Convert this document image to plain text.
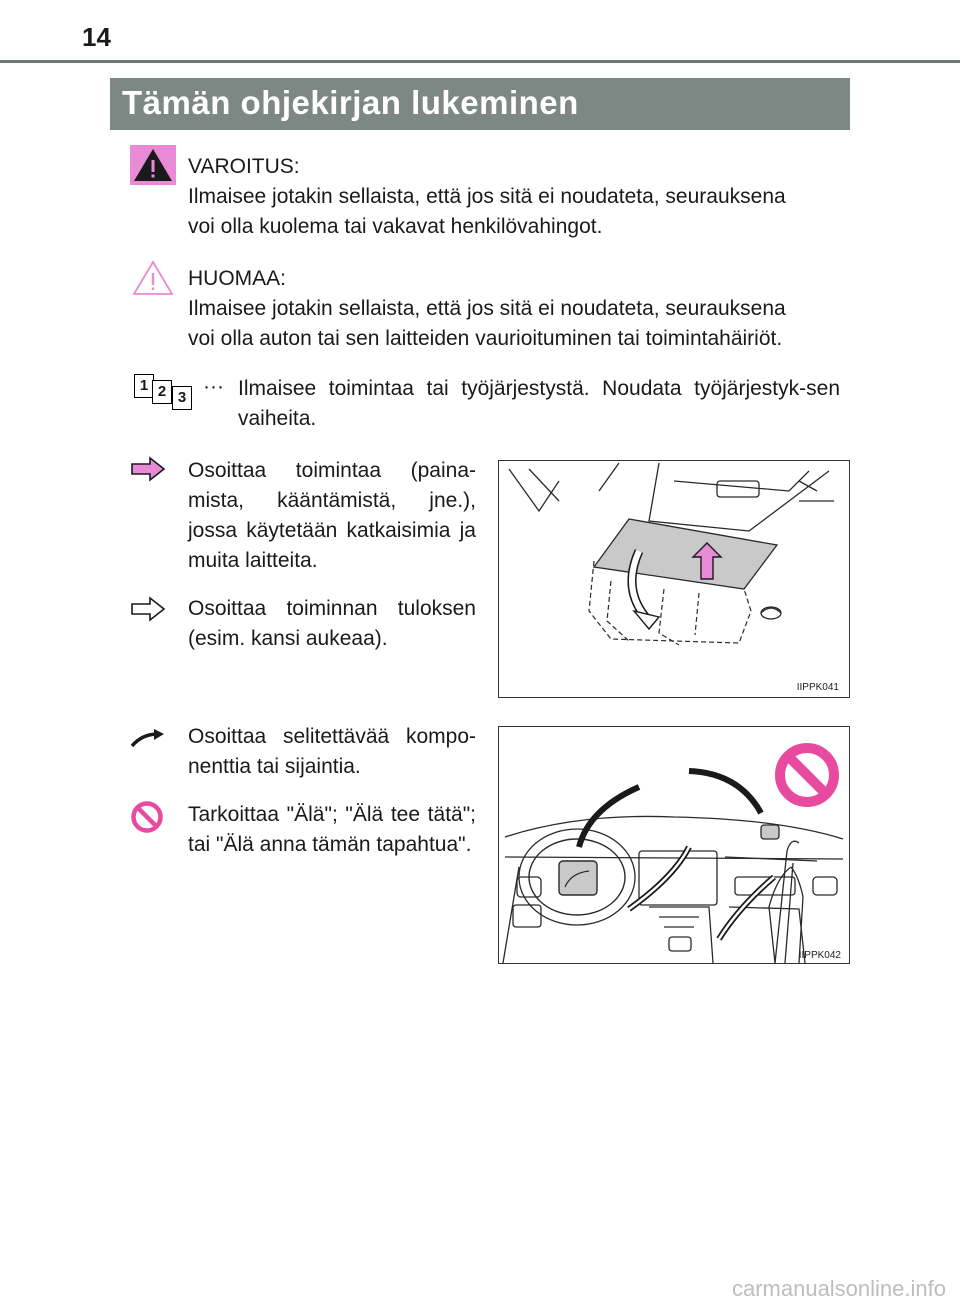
14
Tämän ohjekirjan lukeminen
VAROITUS:
Ilmaisee jotakin sellaista, että jos sitä ei noudateta, seurauksena
voi olla kuolema tai vakavat henkilövahingot.
HUOMAA:
Ilmaisee jotakin sellaista, että jos sitä ei noudateta, seurauksena
voi olla auton tai sen laitteiden vaurioituminen tai toimintahäiriöt.
1 2 3 ··· Ilmaisee toimintaa tai työjärjestystä. Noudata työjärjestyk-sen vaiheita.
Osoittaa toimintaa (paina-mista, kääntämistä, jne.), jossa käytetään katkaisimia ja muita laitteita.
Osoittaa toiminnan tuloksen (esim. kansi aukeaa).
IIPPK041
Osoittaa selitettävää kompo-nenttia tai sijaintia.
Tarkoittaa "Älä"; "Älä tee tätä"; tai "Älä anna tämän tapahtua".
IIPPK042
carmanualsonline.info
